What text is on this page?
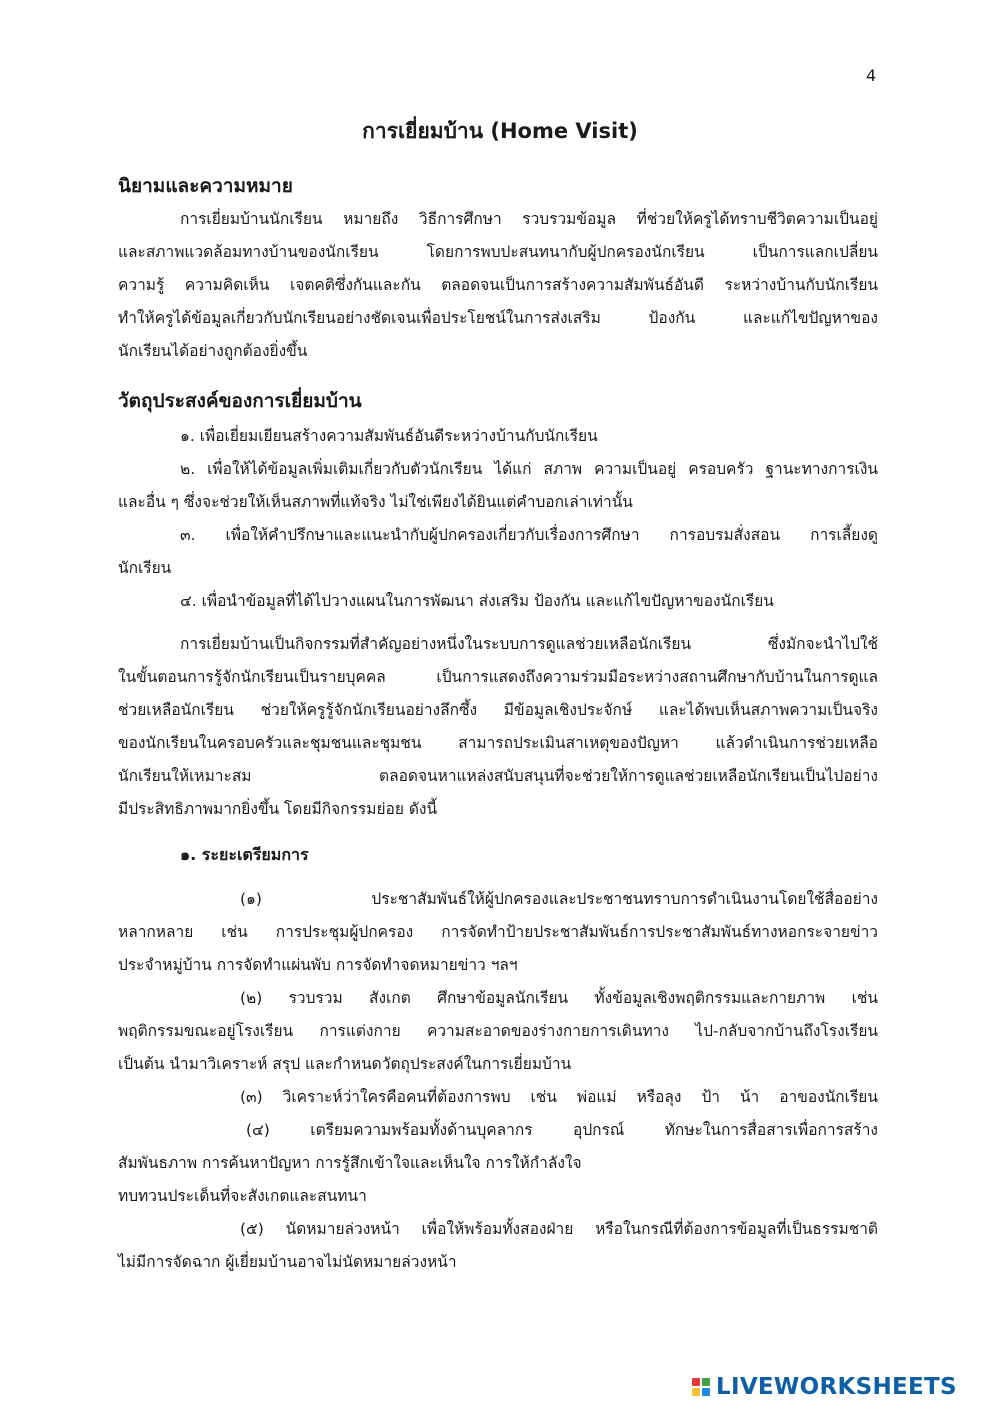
4
การเยี่ยมบ้าน (Home Visit)
นิยามและความหมาย
การเยี่ยมบ้านนักเรียน หมายถึง วิธีการศึกษา รวบรวมข้อมูล ที่ช่วยให้ครูได้ทราบชีวิตความเป็นอยู่
และสภาพแวดล้อมทางบ้านของนักเรียน โดยการพบปะสนทนากับผู้ปกครองนักเรียน เป็นการแลกเปลี่ยน
ความรู้ ความคิดเห็น เจตคติซึ่งกันและกัน ตลอดจนเป็นการสร้างความสัมพันธ์อันดี ระหว่างบ้านกับนักเรียน
ทำให้ครูได้ข้อมูลเกี่ยวกับนักเรียนอย่างชัดเจนเพื่อประโยชน์ในการส่งเสริม ป้องกัน และแก้ไขปัญหาของ
นักเรียนได้อย่างถูกต้องยิ่งขึ้น
วัตถุประสงค์ของการเยี่ยมบ้าน
๑. เพื่อเยี่ยมเยียนสร้างความสัมพันธ์อันดีระหว่างบ้านกับนักเรียน
๒. เพื่อให้ได้ข้อมูลเพิ่มเติมเกี่ยวกับตัวนักเรียน ได้แก่ สภาพ ความเป็นอยู่ ครอบครัว ฐานะทางการเงิน
และอื่น ๆ ซึ่งจะช่วยให้เห็นสภาพที่แท้จริง ไม่ใช่เพียงได้ยินแต่คำบอกเล่าเท่านั้น
๓. เพื่อให้คำปรึกษาและแนะนำกับผู้ปกครองเกี่ยวกับเรื่องการศึกษา การอบรมสั่งสอน การเลี้ยงดู
นักเรียน
๔. เพื่อนำข้อมูลที่ได้ไปวางแผนในการพัฒนา ส่งเสริม ป้องกัน และแก้ไขปัญหาของนักเรียน
การเยี่ยมบ้านเป็นกิจกรรมที่สำคัญอย่างหนึ่งในระบบการดูแลช่วยเหลือนักเรียน ซึ่งมักจะนำไปใช้
ในขั้นตอนการรู้จักนักเรียนเป็นรายบุคคล เป็นการแสดงถึงความร่วมมือระหว่างสถานศึกษากับบ้านในการดูแล
ช่วยเหลือนักเรียน ช่วยให้ครูรู้จักนักเรียนอย่างลึกซึ้ง มีข้อมูลเชิงประจักษ์ และได้พบเห็นสภาพความเป็นจริง
ของนักเรียนในครอบครัวและชุมชนและชุมชน สามารถประเมินสาเหตุของปัญหา แล้วดำเนินการช่วยเหลือ
นักเรียนให้เหมาะสม ตลอดจนหาแหล่งสนับสนุนที่จะช่วยให้การดูแลช่วยเหลือนักเรียนเป็นไปอย่าง
มีประสิทธิภาพมากยิ่งขึ้น โดยมีกิจกรรมย่อย ดังนี้
๑. ระยะเตรียมการ
(๑) ประชาสัมพันธ์ให้ผู้ปกครองและประชาชนทราบการดำเนินงานโดยใช้สื่ออย่าง
หลากหลาย เช่น การประชุมผู้ปกครอง การจัดทำป้ายประชาสัมพันธ์การประชาสัมพันธ์ทางหอกระจายข่าว
ประจำหมู่บ้าน การจัดทำแผ่นพับ การจัดทำจดหมายข่าว ฯลฯ
(๒) รวบรวม สังเกต ศึกษาข้อมูลนักเรียน ทั้งข้อมูลเชิงพฤติกรรมและกายภาพ เช่น
พฤติกรรมขณะอยู่โรงเรียน การแต่งกาย ความสะอาดของร่างกายการเดินทาง ไป-กลับจากบ้านถึงโรงเรียน
เป็นต้น นำมาวิเคราะห์ สรุป และกำหนดวัตถุประสงค์ในการเยี่ยมบ้าน
(๓) วิเคราะห์ว่าใครคือคนที่ต้องการพบ เช่น พ่อแม่ หรือลุง ป้า น้า อาของนักเรียน
(๔) เตรียมความพร้อมทั้งด้านบุคลากร อุปกรณ์ ทักษะในการสื่อสารเพื่อการสร้าง
สัมพันธภาพ การค้นหาปัญหา การรู้สึกเข้าใจและเห็นใจ การให้กำลังใจ
ทบทวนประเด็นที่จะสังเกตและสนทนา
(๕) นัดหมายล่วงหน้า เพื่อให้พร้อมทั้งสองฝ่าย หรือในกรณีที่ต้องการข้อมูลที่เป็นธรรมชาติ
ไม่มีการจัดฉาก ผู้เยี่ยมบ้านอาจไม่นัดหมายล่วงหน้า
LIVEWORKSHEETS
